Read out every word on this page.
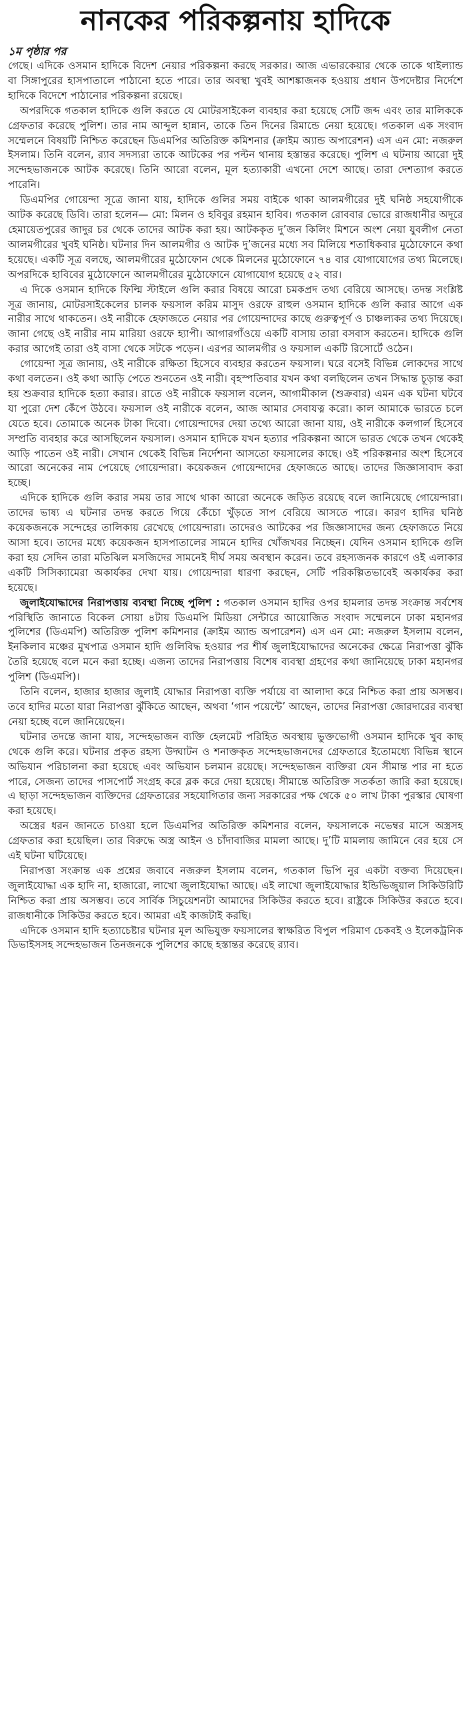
নানকের পরিকল্পনায় হাদিকে
১ম পৃষ্ঠার পর

গেছে। এদিকে ওসমান হাদিকে বিদেশ নেয়ার পরিকল্পনা করছে সরকার। আজ এভারকেয়ার থেকে তাকে থাইল্যান্ড বা সিঙ্গাপুরের হাসপাতালে পাঠানো হতে পারে। তার অবস্থা খুবই আশঙ্কাজনক হওয়ায় প্রধান উপদেষ্টার নির্দেশে হাদিকে বিদেশে পাঠানোর পরিকল্পনা রয়েছে।

অপরদিকে গতকাল হাদিকে গুলি করতে যে মোটরসাইকেল ব্যবহার করা হয়েছে সেটি জব্দ এবং তার মালিককে গ্রেফতার করেছে পুলিশ। তার নাম আব্দুল হান্নান, তাকে তিন দিনের রিমান্ডে নেয়া হয়েছে। গতকাল এক সংবাদ সম্মেলনে বিষয়টি নিশ্চিত করেছেন ডিএমপির অতিরিক্ত কমিশনার (ক্রাইম অ্যান্ড অপারেশন) এস এন মো: নজরুল ইসলাম। তিনি বলেন, র‌্যাব সদস্যরা তাকে আটকের পর পল্টন থানায় হস্তান্তর করেছে। পুলিশ এ ঘটনায় আরো দুই সন্দেহভাজনকে আটক করেছে। তিনি আরো বলেন, মূল হত্যাকারী এখনো দেশে আছে। তারা দেশত্যাগ করতে পারেনি।

ডিএমপির গোয়েন্দা সূত্রে জানা যায়, হাদিকে গুলির সময় বাইকে থাকা আলমগীরের দুই ঘনিষ্ঠ সহযোগীকে আটক করেছে ডিবি। তারা হলেন— মো: মিলন ও হবিবুর রহমান হাবিব। গতকাল রোববার ভোরে রাজধানীর অদূরে হেমায়েতপুরের জাদুর চর থেকে তাদের আটক করা হয়। আটককৃত দু’জন কিলিং মিশনে অংশ নেয়া যুবলীগ নেতা আলমগীরের খুবই ঘনিষ্ঠ। ঘটনার দিন আলমগীর ও আটক দু’জনের মধ্যে সব মিলিয়ে শতাধিকবার মুঠোফোনে কথা হয়েছে। একটি সূত্র বলছে, আলমগীরের মুঠোফোন থেকে মিলনের মুঠোফোনে ৭৪ বার যোগাযোগের তথ্য মিলেছে। অপরদিকে হাবিবের মুঠোফোনে আলমগীরের মুঠোফোনে যোগাযোগ হয়েছে ৫২ বার।

এ দিকে ওসমান হাদিকে ফিল্মি স্টাইলে গুলি করার বিষয়ে আরো চমকপ্রদ তথ্য বেরিয়ে আসছে। তদন্ত সংশ্লিষ্ট সূত্র জানায়, মোটরসাইকেলের চালক ফয়সাল করিম মাসুদ ওরফে রাহুল ওসমান হাদিকে গুলি করার আগে এক নারীর সাথে থাকতেন। ওই নারীকে হেফাজতে নেয়ার পর গোয়েন্দাদের কাছে গুরুত্বপূর্ণ ও চাঞ্চল্যকর তথ্য দিয়েছে। জানা গেছে ওই নারীর নাম মারিয়া ওরফে হ্যাপী। আগারগাঁওয়ে একটি বাসায় তারা বসবাস করতেন। হাদিকে গুলি করার আগেই তারা ওই বাসা থেকে সটকে পড়েন। এরপর আলমগীর ও ফয়সাল একটি রিসোর্টে ওঠেন।

গোয়েন্দা সূত্র জানায়, ওই নারীকে রক্ষিতা হিসেবে ব্যবহার করতেন ফয়সাল। ঘরে বসেই বিভিন্ন লোকদের সাথে কথা বলতেন। ওই কথা আড়ি পেতে শুনতেন ওই নারী। বৃহস্পতিবার যখন কথা বলছিলেন তখন সিদ্ধান্ত চূড়ান্ত করা হয় শুক্রবার হাদিকে হত্যা করার। রাতে ওই নারীকে ফয়সাল বলেন, আগামীকাল (শুক্রবার) এমন এক ঘটনা ঘটবে যা পুরো দেশ কেঁপে উঠবে। ফয়সাল ওই নারীকে বলেন, আজ আমার সেবাযত্ন করো। কাল আমাকে ভারতে চলে যেতে হবে। তোমাকে অনেক টাকা দিবো। গোয়েন্দাদের দেয়া তথ্যে আরো জানা যায়, ওই নারীকে কলগার্ল হিসেবে সম্প্রতি ব্যবহার করে আসছিলেন ফয়সাল। ওসমান হাদিকে যখন হত্যার পরিকল্পনা আসে ভারত থেকে তখন থেকেই আড়ি পাতেন ওই নারী। সেখান থেকেই বিভিন্ন নির্দেশনা আসতো ফয়সালের কাছে। ওই পরিকল্পনার অংশ হিসেবে আরো অনেকের নাম পেয়েছে গোয়েন্দারা। কয়েকজন গোয়েন্দাদের হেফাজতে আছে। তাদের জিজ্ঞাসাবাদ করা হচ্ছে।

এদিকে হাদিকে গুলি করার সময় তার সাথে থাকা আরো অনেকে জড়িত রয়েছে বলে জানিয়েছে গোয়েন্দারা। তাদের ভাষ্য এ ঘটনার তদন্ত করতে গিয়ে কেঁচো খুঁড়তে সাপ বেরিয়ে আসতে পারে। কারণ হাদির ঘনিষ্ঠ কয়েকজনকে সন্দেহের তালিকায় রেখেছে গোয়েন্দারা। তাদেরও আটকের পর জিজ্ঞাসাদের জন্য হেফাজতে নিয়ে আসা হবে। তাদের মধ্যে কয়েকজন হাসপাতালের সামনে হাদির খোঁজখবর নিচ্ছেন। যেদিন ওসমান হাদিকে গুলি করা হয় সেদিন তারা মতিঝিল মসজিদের সামনেই দীর্ঘ সময় অবস্থান করেন। তবে রহস্যজনক কারণে ওই এলাকার একটি সিসিক্যামেরা অকার্যকর দেখা যায়। গোয়েন্দারা ধারণা করছেন, সেটি পরিকল্পিতভাবেই অকার্যকর করা হয়েছে।

জুলাইযোদ্ধাদের নিরাপত্তায় ব্যবস্থা নিচ্ছে পুলিশ : গতকাল ওসমান হাদির ওপর হামলার তদন্ত সংক্রান্ত সর্বশেষ পরিস্থিতি জানাতে বিকেল সোয়া ৪টায় ডিএমপি মিডিয়া সেন্টারে আয়োজিত সংবাদ সম্মেলনে ঢাকা মহানগর পুলিশের (ডিএমপি) অতিরিক্ত পুলিশ কমিশনার (ক্রাইম অ্যান্ড অপারেশন) এস এন মো: নজরুল ইসলাম বলেন, ইনকিলাব মঞ্চের মুখপাত্র ওসমান হাদি গুলিবিদ্ধ হওয়ার পর শীর্ষ জুলাইযোদ্ধাদের অনেকের ক্ষেত্রে নিরাপত্তা ঝুঁকি তৈরি হয়েছে বলে মনে করা হচ্ছে। এজন্য তাদের নিরাপত্তায় বিশেষ ব্যবস্থা গ্রহণের কথা জানিয়েছে ঢাকা মহানগর পুলিশ (ডিএমপি)।

তিনি বলেন, হাজার হাজার জুলাই যোদ্ধার নিরাপত্তা ব্যক্তি পর্যায়ে বা আলাদা করে নিশ্চিত করা প্রায় অসম্ভব। তবে হাদির মতো যারা নিরাপত্তা ঝুঁকিতে আছেন, অথবা ‘গান পয়েন্টে’ আছেন, তাদের নিরাপত্তা জোরদারের ব্যবস্থা নেয়া হচ্ছে বলে জানিয়েছেন।

ঘটনার তদন্তে জানা যায়, সন্দেহভাজন ব্যক্তি হেলমেট পরিহিত অবস্থায় ভুক্তভোগী ওসমান হাদিকে খুব কাছ থেকে গুলি করে। ঘটনার প্রকৃত রহস্য উদ্ঘাটন ও শনাক্তকৃত সন্দেহভাজনদের গ্রেফতারে ইতোমধ্যে বিভিন্ন স্থানে অভিযান পরিচালনা করা হয়েছে এবং অভিযান চলমান রয়েছে। সন্দেহভাজন ব্যক্তিরা যেন সীমান্ত পার না হতে পারে, সেজন্য তাদের পাসপোর্ট সংগ্রহ করে ব্লক করে দেয়া হয়েছে। সীমান্তে অতিরিক্ত সতর্কতা জারি করা হয়েছে। এ ছাড়া সন্দেহভাজন ব্যক্তিদের গ্রেফতারের সহযোগিতার জন্য সরকারের পক্ষ থেকে ৫০ লাখ টাকা পুরস্কার ঘোষণা করা হয়েছে।

অস্ত্রের ধরন জানতে চাওয়া হলে ডিএমপির অতিরিক্ত কমিশনার বলেন, ফয়সালকে নভেম্বর মাসে অস্ত্রসহ গ্রেফতার করা হয়েছিল। তার বিরুদ্ধে অস্ত্র আইন ও চাঁদাবাজির মামলা আছে। দু’টি মামলায় জামিনে বের হয়ে সে এই ঘটনা ঘটিয়েছে।

নিরাপত্তা সংক্রান্ত এক প্রশ্নের জবাবে নজরুল ইসলাম বলেন, গতকাল ভিপি নুর একটা বক্তব্য দিয়েছেন। জুলাইযোদ্ধা এক হাদি না, হাজারো, লাখো জুলাইযোদ্ধা আছে। এই লাখো জুলাইযোদ্ধার ইন্ডিভিজুয়াল সিকিউরিটি নিশ্চিত করা প্রায় অসম্ভব। তবে সার্বিক সিচুয়েশনটা আমাদের সিকিউর করতে হবে। রাষ্ট্রকে সিকিউর করতে হবে। রাজধানীকে সিকিউর করতে হবে। আমরা এই কাজটাই করছি।

এদিকে ওসমান হাদি হত্যাচেষ্টার ঘটনার মূল অভিযুক্ত ফয়সালের স্বাক্ষরিত বিপুল পরিমাণ চেকবই ও ইলেকট্রনিক ডিভাইসসহ সন্দেহভাজন তিনজনকে পুলিশের কাছে হস্তান্তর করেছে র‌্যাব।
